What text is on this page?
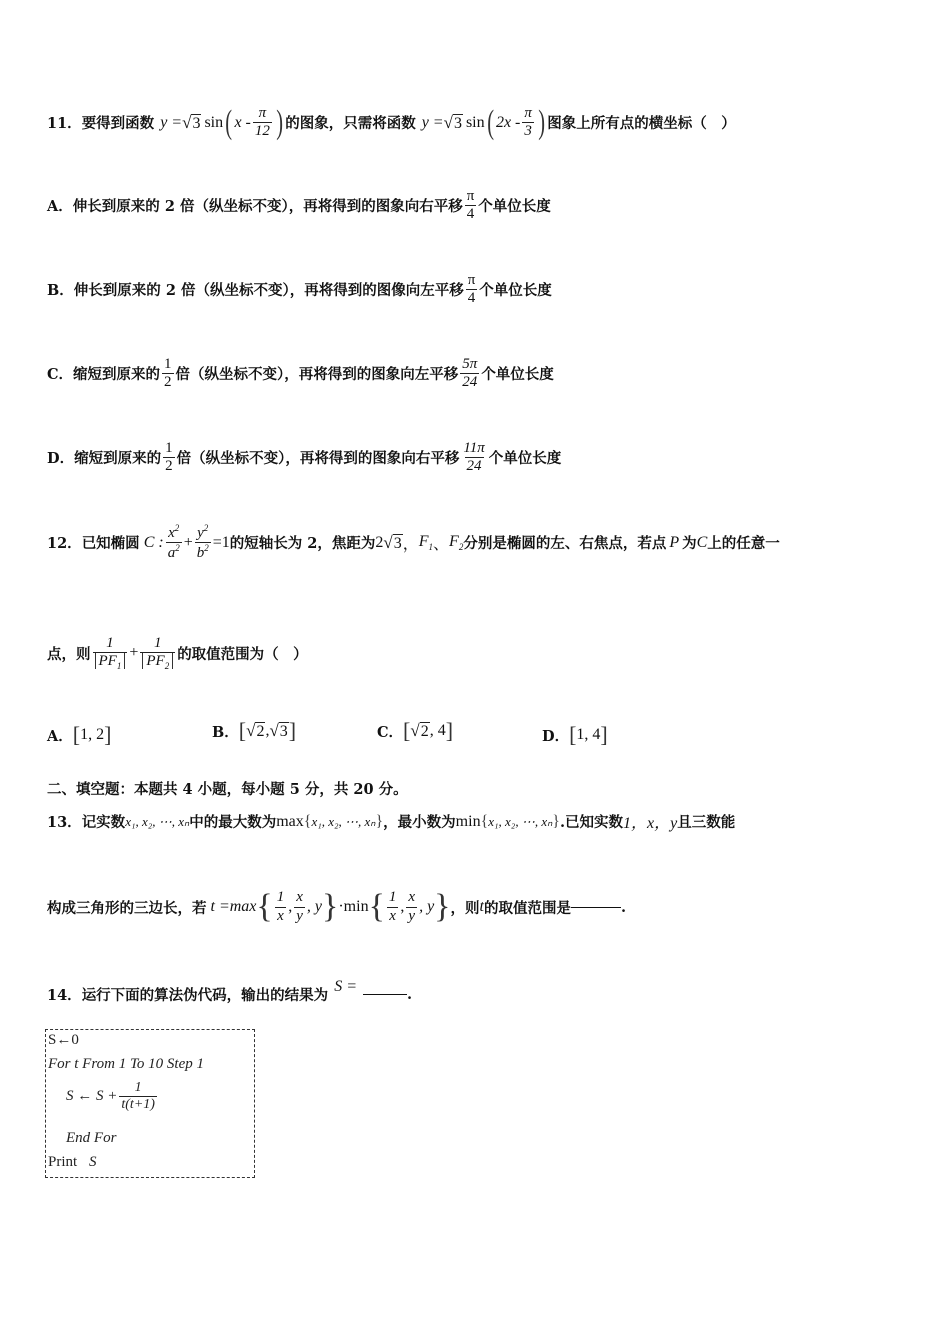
11． 要得到函数 y = √ 3 sin ( x - $\frac{\pi}{12}$ ) 的图象，只需将函数 y = √ 3 sin ( $2x - \frac{\pi}{3}$ ) 图象上所有点的横坐标（　）
A． 伸长到原来的 2 倍（纵坐标不变），再将得到的图象向右平移 $\frac{\pi}{4}$ 个单位长度
B． 伸长到原来的 2 倍（纵坐标不变），再将得到的图像向左平移 $\frac{\pi}{4}$ 个单位长度
C． 缩短到原来的 $\frac{1}{2}$ 倍（纵坐标不变），再将得到的图象向左平移 $\frac{5\pi}{24}$ 个单位长度
D． 缩短到原来的 $\frac{1}{2}$ 倍（纵坐标不变），再将得到的图象向右平移 $\frac{11\pi}{24}$ 个单位长度
12． 已知椭圆 C : $\frac{x^2}{a^2} + \frac{y^2}{b^2} =1$ 的短轴长为 2，焦距为 2 √ 3 ， $F_1$ 、 $F_2$ 分别是椭圆的左、右焦点，若点 P 为 C 上的任意一
点，则 $\frac{1}{PF_1} + \frac{1}{PF_2}$ 的取值范围为（　）
A． [ 1, 2 ]	B． [ √ 2 , √ 3 ]	C． [ √ 2 , 4 ]	D． [ 1, 4 ]
二、填空题：本题共 4 小题，每小题 5 分，共 20 分。
13． 记实数 x₁, x₂, ⋯, xₙ 中的最大数为 max { x₁, x₂, ⋯, xₙ } ，最小数为 min { x₁, x₂, ⋯, xₙ } .已知实数 1，x，y 且三数能
构成三角形的三边长，若 t =max { $\frac{1}{x}$ , $\frac{x}{y}$ , y } ·min { $\frac{1}{x}$ , $\frac{x}{y}$ , y } ，则 t 的取值范围是	.
14． 运行下面的算法伪代码，输出的结果为
S =	.
S←0
For t From 1 To 10 Step 1
S ← $S + \frac{1}{t(t+1)}$
End For
Print S
